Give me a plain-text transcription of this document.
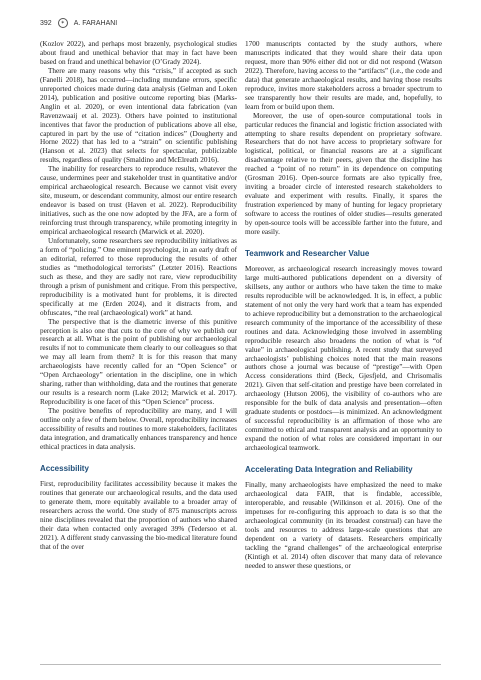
392	✶	A. FARAHANI

(Kozlov 2022), and perhaps most brazenly, psychological studies about fraud and unethical behavior that may in fact have been based on fraud and unethical behavior (O’Grady 2024).

There are many reasons why this “crisis,” if accepted as such (Fanelli 2018), has occurred—including mundane errors, specific unreported choices made during data analysis (Gelman and Loken 2014), publication and positive outcome reporting bias (Marks-Anglin et al. 2020), or even intentional data fabrication (van Ravenzwaaij et al. 2023). Others have pointed to institutional incentives that favor the production of publications above all else, captured in part by the use of “citation indices” (Dougherty and Horne 2022) that has led to a “strain” on scientific publishing (Hanson et al. 2023) that selects for spectacular, publicizable results, regardless of quality (Smaldino and McElreath 2016).

The inability for researchers to reproduce results, whatever the cause, undermines peer and stakeholder trust in quantitative and/or empirical archaeological research. Because we cannot visit every site, museum, or descendant community, almost our entire research endeavor is based on trust (Haven et al. 2022). Reproducibility initiatives, such as the one now adopted by the JFA, are a form of reinforcing trust through transparency, while promoting integrity in empirical archaeological research (Marwick et al. 2020).

Unfortunately, some researchers see reproducibility initiatives as a form of “policing.” One eminent psychologist, in an early draft of an editorial, referred to those reproducing the results of other studies as “methodological terrorists” (Letzter 2016). Reactions such as these, and they are sadly not rare, view reproducibility through a prism of punishment and critique. From this perspective, reproducibility is a motivated hunt for problems, it is directed specifically at me (Erden 2024), and it distracts from, and obfuscates, “the real (archaeological) work” at hand.

The perspective that is the diametric inverse of this punitive perception is also one that cuts to the core of why we publish our research at all. What is the point of publishing our archaeological results if not to communicate them clearly to our colleagues so that we may all learn from them? It is for this reason that many archaeologists have recently called for an “Open Science” or “Open Archaeology” orientation in the discipline, one in which sharing, rather than withholding, data and the routines that generate our results is a research norm (Lake 2012; Marwick et al. 2017). Reproducibility is one facet of this “Open Science” process.

The positive benefits of reproducibility are many, and I will outline only a few of them below. Overall, reproducibility increases accessibility of results and routines to more stakeholders, facilitates data integration, and dramatically enhances transparency and hence ethical practices in data analysis.

Accessibility

First, reproducibility facilitates accessibility because it makes the routines that generate our archaeological results, and the data used to generate them, more equitably available to a broader array of researchers across the world. One study of 875 manuscripts across nine disciplines revealed that the proportion of authors who shared their data when contacted only averaged 39% (Tedersoo et al. 2021). A different study canvassing the bio-medical literature found that of the over

1700 manuscripts contacted by the study authors, where manuscripts indicated that they would share their data upon request, more than 90% either did not or did not respond (Watson 2022). Therefore, having access to the “artifacts” (i.e., the code and data) that generate archaeological results, and having those results reproduce, invites more stakeholders across a broader spectrum to see transparently how their results are made, and, hopefully, to learn from or build upon them.

Moreover, the use of open-source computational tools in particular reduces the financial and logistic friction associated with attempting to share results dependent on proprietary software. Researchers that do not have access to proprietary software for logistical, political, or financial reasons are at a significant disadvantage relative to their peers, given that the discipline has reached a “point of no return” in its dependence on computing (Grosman 2016). Open-source formats are also typically free, inviting a broader circle of interested research stakeholders to evaluate and experiment with results. Finally, it spares the frustration experienced by many of hunting for legacy proprietary software to access the routines of older studies—results generated by open-source tools will be accessible farther into the future, and more easily.

Teamwork and Researcher Value

Moreover, as archaeological research increasingly moves toward large multi-authored publications dependent on a diversity of skillsets, any author or authors who have taken the time to make results reproducible will be acknowledged. It is, in effect, a public statement of not only the very hard work that a team has expended to achieve reproducibility but a demonstration to the archaeological research community of the importance of the accessibility of these routines and data. Acknowledging those involved in assembling reproducible research also broadens the notion of what is “of value” in archaeological publishing. A recent study that surveyed archaeologists’ publishing choices noted that the main reasons authors chose a journal was because of “prestige”—with Open Access considerations third (Beck, Gjesfjeld, and Chrisomalis 2021). Given that self-citation and prestige have been correlated in archaeology (Hutson 2006), the visibility of co-authors who are responsible for the bulk of data analysis and presentation—often graduate students or postdocs—is minimized. An acknowledgment of successful reproducibility is an affirmation of those who are committed to ethical and transparent analysis and an opportunity to expand the notion of what roles are considered important in our archaeological teamwork.

Accelerating Data Integration and Reliability

Finally, many archaeologists have emphasized the need to make archaeological data FAIR, that is findable, accessible, interoperable, and reusable (Wilkinson et al. 2016). One of the impetuses for re-configuring this approach to data is so that the archaeological community (in its broadest construal) can have the tools and resources to address large-scale questions that are dependent on a variety of datasets. Researchers empirically tackling the “grand challenges” of the archaeological enterprise (Kintigh et al. 2014) often discover that many data of relevance needed to answer these questions, or
